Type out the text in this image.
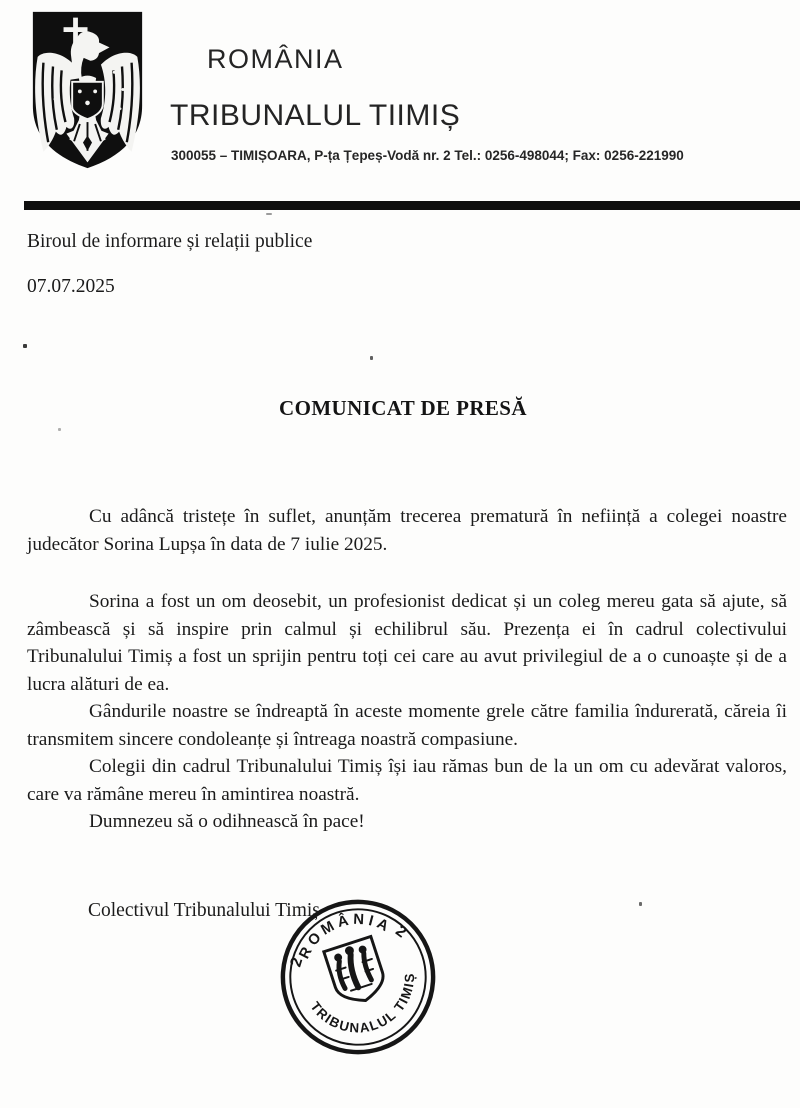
ROMÂNIA
TRIBUNALUL TIIMIȘ
300055 – TIMIȘOARA, P-ța Țepeș-Vodă nr. 2 Tel.: 0256-498044; Fax: 0256-221990
Biroul de informare și relații publice
07.07.2025
COMUNICAT DE PRESĂ

Cu adâncă tristețe în suflet, anunțăm trecerea prematură în neființă a colegei noastre judecător Sorina Lupșa în data de 7 iulie 2025.

Sorina a fost un om deosebit, un profesionist dedicat și un coleg mereu gata să ajute, să zâmbească și să inspire prin calmul și echilibrul său. Prezența ei în cadrul colectivului Tribunalului Timiș a fost un sprijin pentru toți cei care au avut privilegiul de a o cunoaște și de a lucra alături de ea.

Gândurile noastre se îndreaptă în aceste momente grele către familia îndurerată, căreia îi transmitem sincere condoleanțe și întreaga noastră compasiune.

Colegii din cadrul Tribunalului Timiș își iau rămas bun de la un om cu adevărat valoros, care va rămâne mereu în amintirea noastră.

Dumnezeu să o odihnească în pace!

Colectivul Tribunalului Timiș
ROMÂNIA
TRIBUNALUL TIMIȘ
2
2
